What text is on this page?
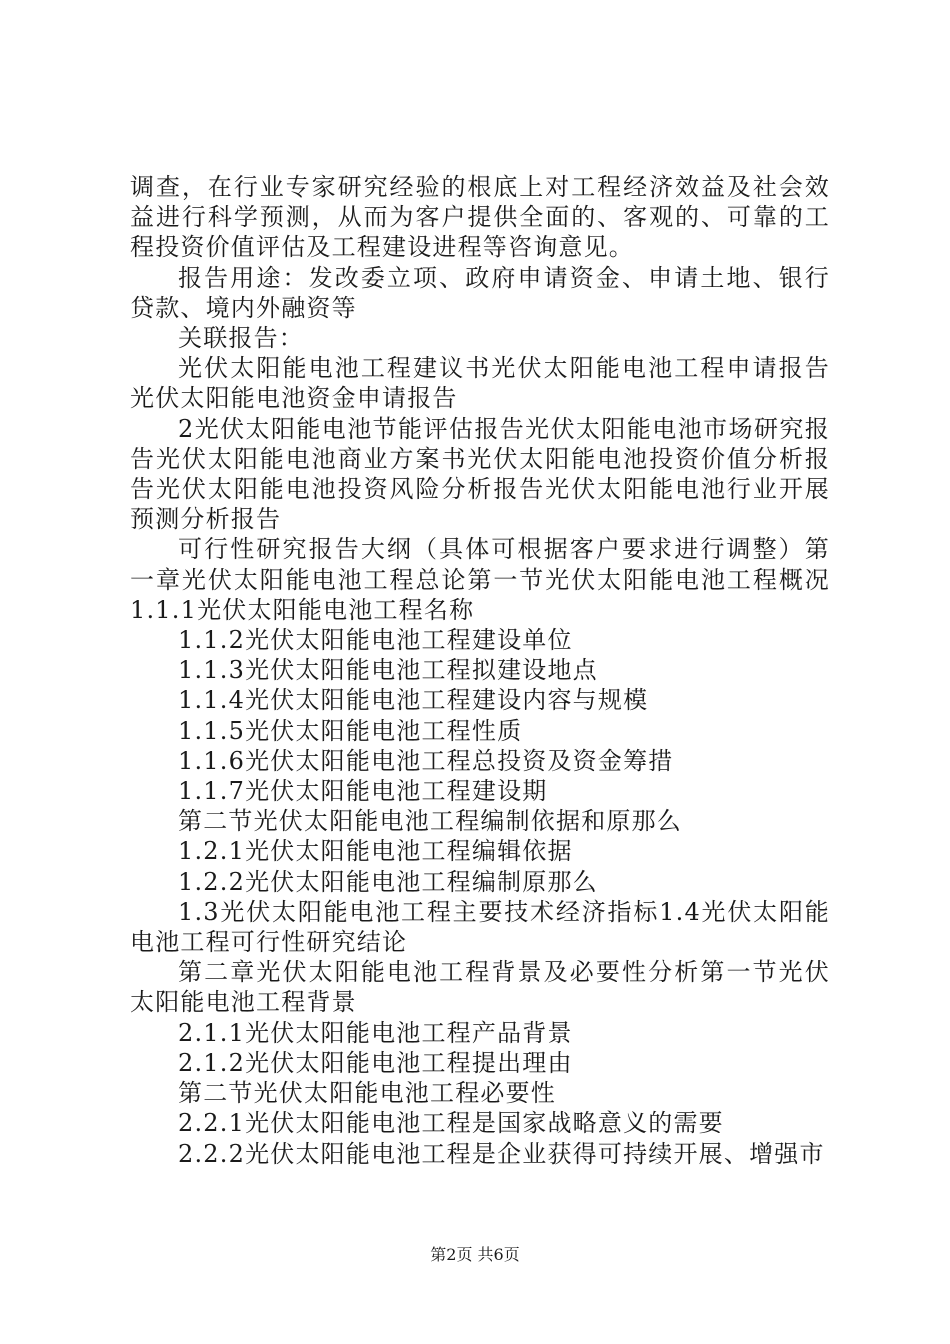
调查，在行业专家研究经验的根底上对工程经济效益及社会效益进行科学预测，从而为客户提供全面的、客观的、可靠的工程投资价值评估及工程建设进程等咨询意见。

报告用途：发改委立项、政府申请资金、申请土地、银行贷款、境内外融资等

关联报告：

光伏太阳能电池工程建议书光伏太阳能电池工程申请报告光伏太阳能电池资金申请报告

2光伏太阳能电池节能评估报告光伏太阳能电池市场研究报告光伏太阳能电池商业方案书光伏太阳能电池投资价值分析报告光伏太阳能电池投资风险分析报告光伏太阳能电池行业开展预测分析报告

可行性研究报告大纲（具体可根据客户要求进行调整）第一章光伏太阳能电池工程总论第一节光伏太阳能电池工程概况1.1.1光伏太阳能电池工程名称

1.1.2光伏太阳能电池工程建设单位

1.1.3光伏太阳能电池工程拟建设地点

1.1.4光伏太阳能电池工程建设内容与规模

1.1.5光伏太阳能电池工程性质

1.1.6光伏太阳能电池工程总投资及资金筹措

1.1.7光伏太阳能电池工程建设期

第二节光伏太阳能电池工程编制依据和原那么

1.2.1光伏太阳能电池工程编辑依据

1.2.2光伏太阳能电池工程编制原那么

1.3光伏太阳能电池工程主要技术经济指标1.4光伏太阳能电池工程可行性研究结论

第二章光伏太阳能电池工程背景及必要性分析第一节光伏太阳能电池工程背景

2.1.1光伏太阳能电池工程产品背景

2.1.2光伏太阳能电池工程提出理由

第二节光伏太阳能电池工程必要性

2.2.1光伏太阳能电池工程是国家战略意义的需要

2.2.2光伏太阳能电池工程是企业获得可持续开展、增强市

第2页 共6页
